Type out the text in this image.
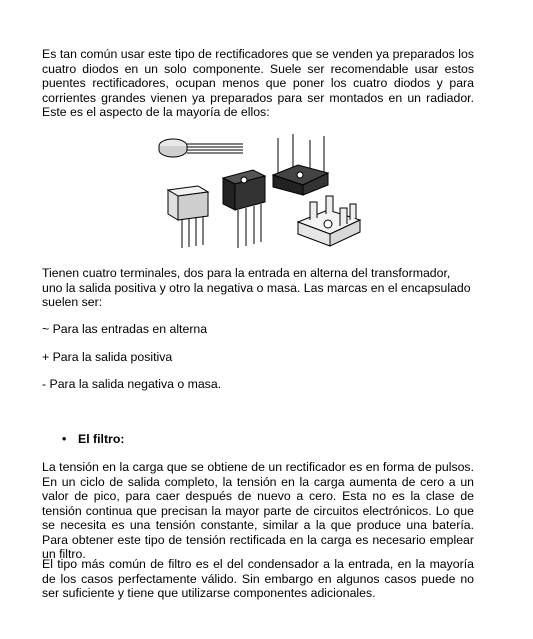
Es tan común usar este tipo de rectificadores que se venden ya preparados los cuatro diodos en un solo componente. Suele ser recomendable usar estos puentes rectificadores, ocupan menos que poner los cuatro diodos y para corrientes grandes vienen ya preparados para ser montados en un radiador. Este es el aspecto de la mayoría de ellos:

Tienen cuatro terminales, dos para la entrada en alterna del transformador, uno la salida positiva y otro la negativa o masa. Las marcas en el encapsulado suelen ser:

~ Para las entradas en alterna

+ Para la salida positiva

- Para la salida negativa o masa.

• El filtro:

La tensión en la carga que se obtiene de un rectificador es en forma de pulsos. En un ciclo de salida completo, la tensión en la carga aumenta de cero a un valor de pico, para caer después de nuevo a cero. Esta no es la clase de tensión continua que precisan la mayor parte de circuitos electrónicos. Lo que se necesita es una tensión constante, similar a la que produce una batería. Para obtener este tipo de tensión rectificada en la carga es necesario emplear un filtro.

El tipo más común de filtro es el del condensador a la entrada, en la mayoría de los casos perfectamente válido. Sin embargo en algunos casos puede no ser suficiente y tiene que utilizarse componentes adicionales.
